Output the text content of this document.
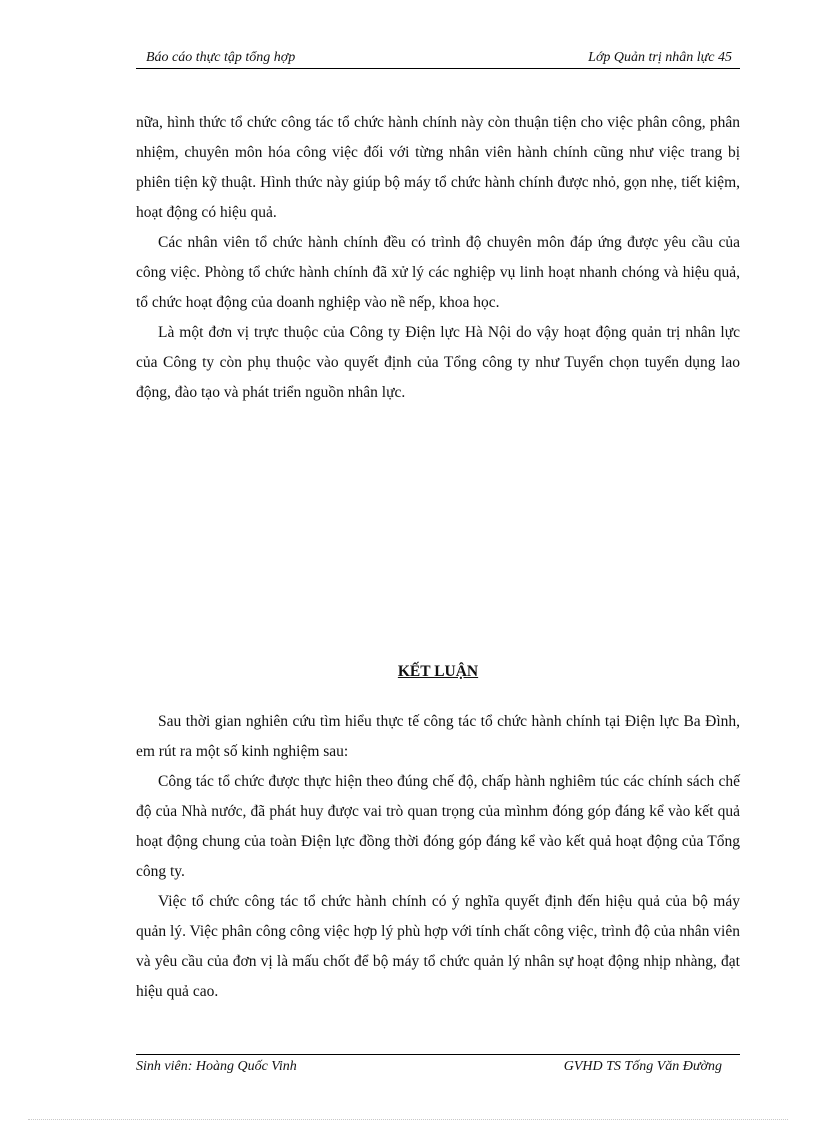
Báo cáo thực tập tổng hợp	Lớp Quản trị nhân lực 45

nữa, hình thức tổ chức công tác tổ chức hành chính này còn thuận tiện cho việc phân công, phân nhiệm, chuyên môn hóa công việc đối với từng nhân viên hành chính cũng như việc trang bị phiên tiện kỹ thuật. Hình thức này giúp bộ máy tổ chức hành chính được nhỏ, gọn nhẹ, tiết kiệm, hoạt động có hiệu quả.

Các nhân viên tổ chức hành chính đều có trình độ chuyên môn đáp ứng được yêu cầu của công việc. Phòng tổ chức hành chính đã xử lý các nghiệp vụ linh hoạt nhanh chóng và hiệu quả, tổ chức hoạt động của doanh nghiệp vào nề nếp, khoa học.

Là một đơn vị trực thuộc của Công ty Điện lực Hà Nội do vậy hoạt động quản trị nhân lực của Công ty còn phụ thuộc vào quyết định của Tổng công ty như Tuyển chọn tuyển dụng lao động, đào tạo và phát triển nguồn nhân lực.

KẾT LUẬN

Sau thời gian nghiên cứu tìm hiểu thực tế công tác tổ chức hành chính tại Điện lực Ba Đình, em rút ra một số kinh nghiệm sau:

Công tác tổ chức được thực hiện theo đúng chế độ, chấp hành nghiêm túc các chính sách chế độ của Nhà nước, đã phát huy được vai trò quan trọng của mìnhm đóng góp đáng kể vào kết quả hoạt động chung của toàn Điện lực đồng thời đóng góp đáng kể vào kết quả hoạt động của Tổng công ty.

Việc tổ chức công tác tổ chức hành chính có ý nghĩa quyết định đến hiệu quả của bộ máy quản lý. Việc phân công công việc hợp lý phù hợp với tính chất công việc, trình độ của nhân viên và yêu cầu của đơn vị là mấu chốt để bộ máy tổ chức quản lý nhân sự hoạt động nhịp nhàng, đạt hiệu quả cao.

Sinh viên: Hoàng Quốc Vinh	GVHD TS Tống Văn Đường
